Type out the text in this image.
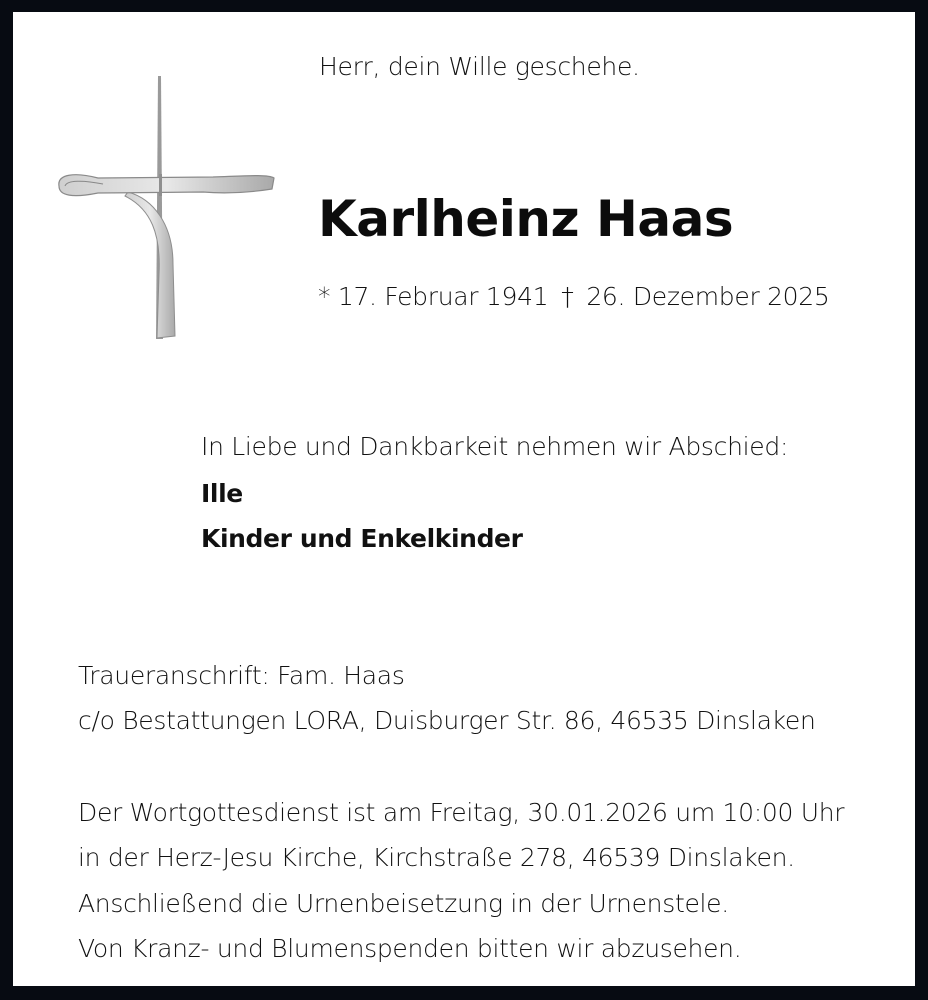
Herr, dein Wille geschehe.
Karlheinz Haas
* 17. Februar 1941 † 26. Dezember 2025
In Liebe und Dankbarkeit nehmen wir Abschied:
Ille
Kinder und Enkelkinder
Traueranschrift: Fam. Haas
c/o Bestattungen LORA, Duisburger Str. 86, 46535 Dinslaken
Der Wortgottesdienst ist am Freitag, 30.01.2026 um 10:00 Uhr
in der Herz-Jesu Kirche, Kirchstraße 278, 46539 Dinslaken.
Anschließend die Urnenbeisetzung in der Urnenstele.
Von Kranz- und Blumenspenden bitten wir abzusehen.
